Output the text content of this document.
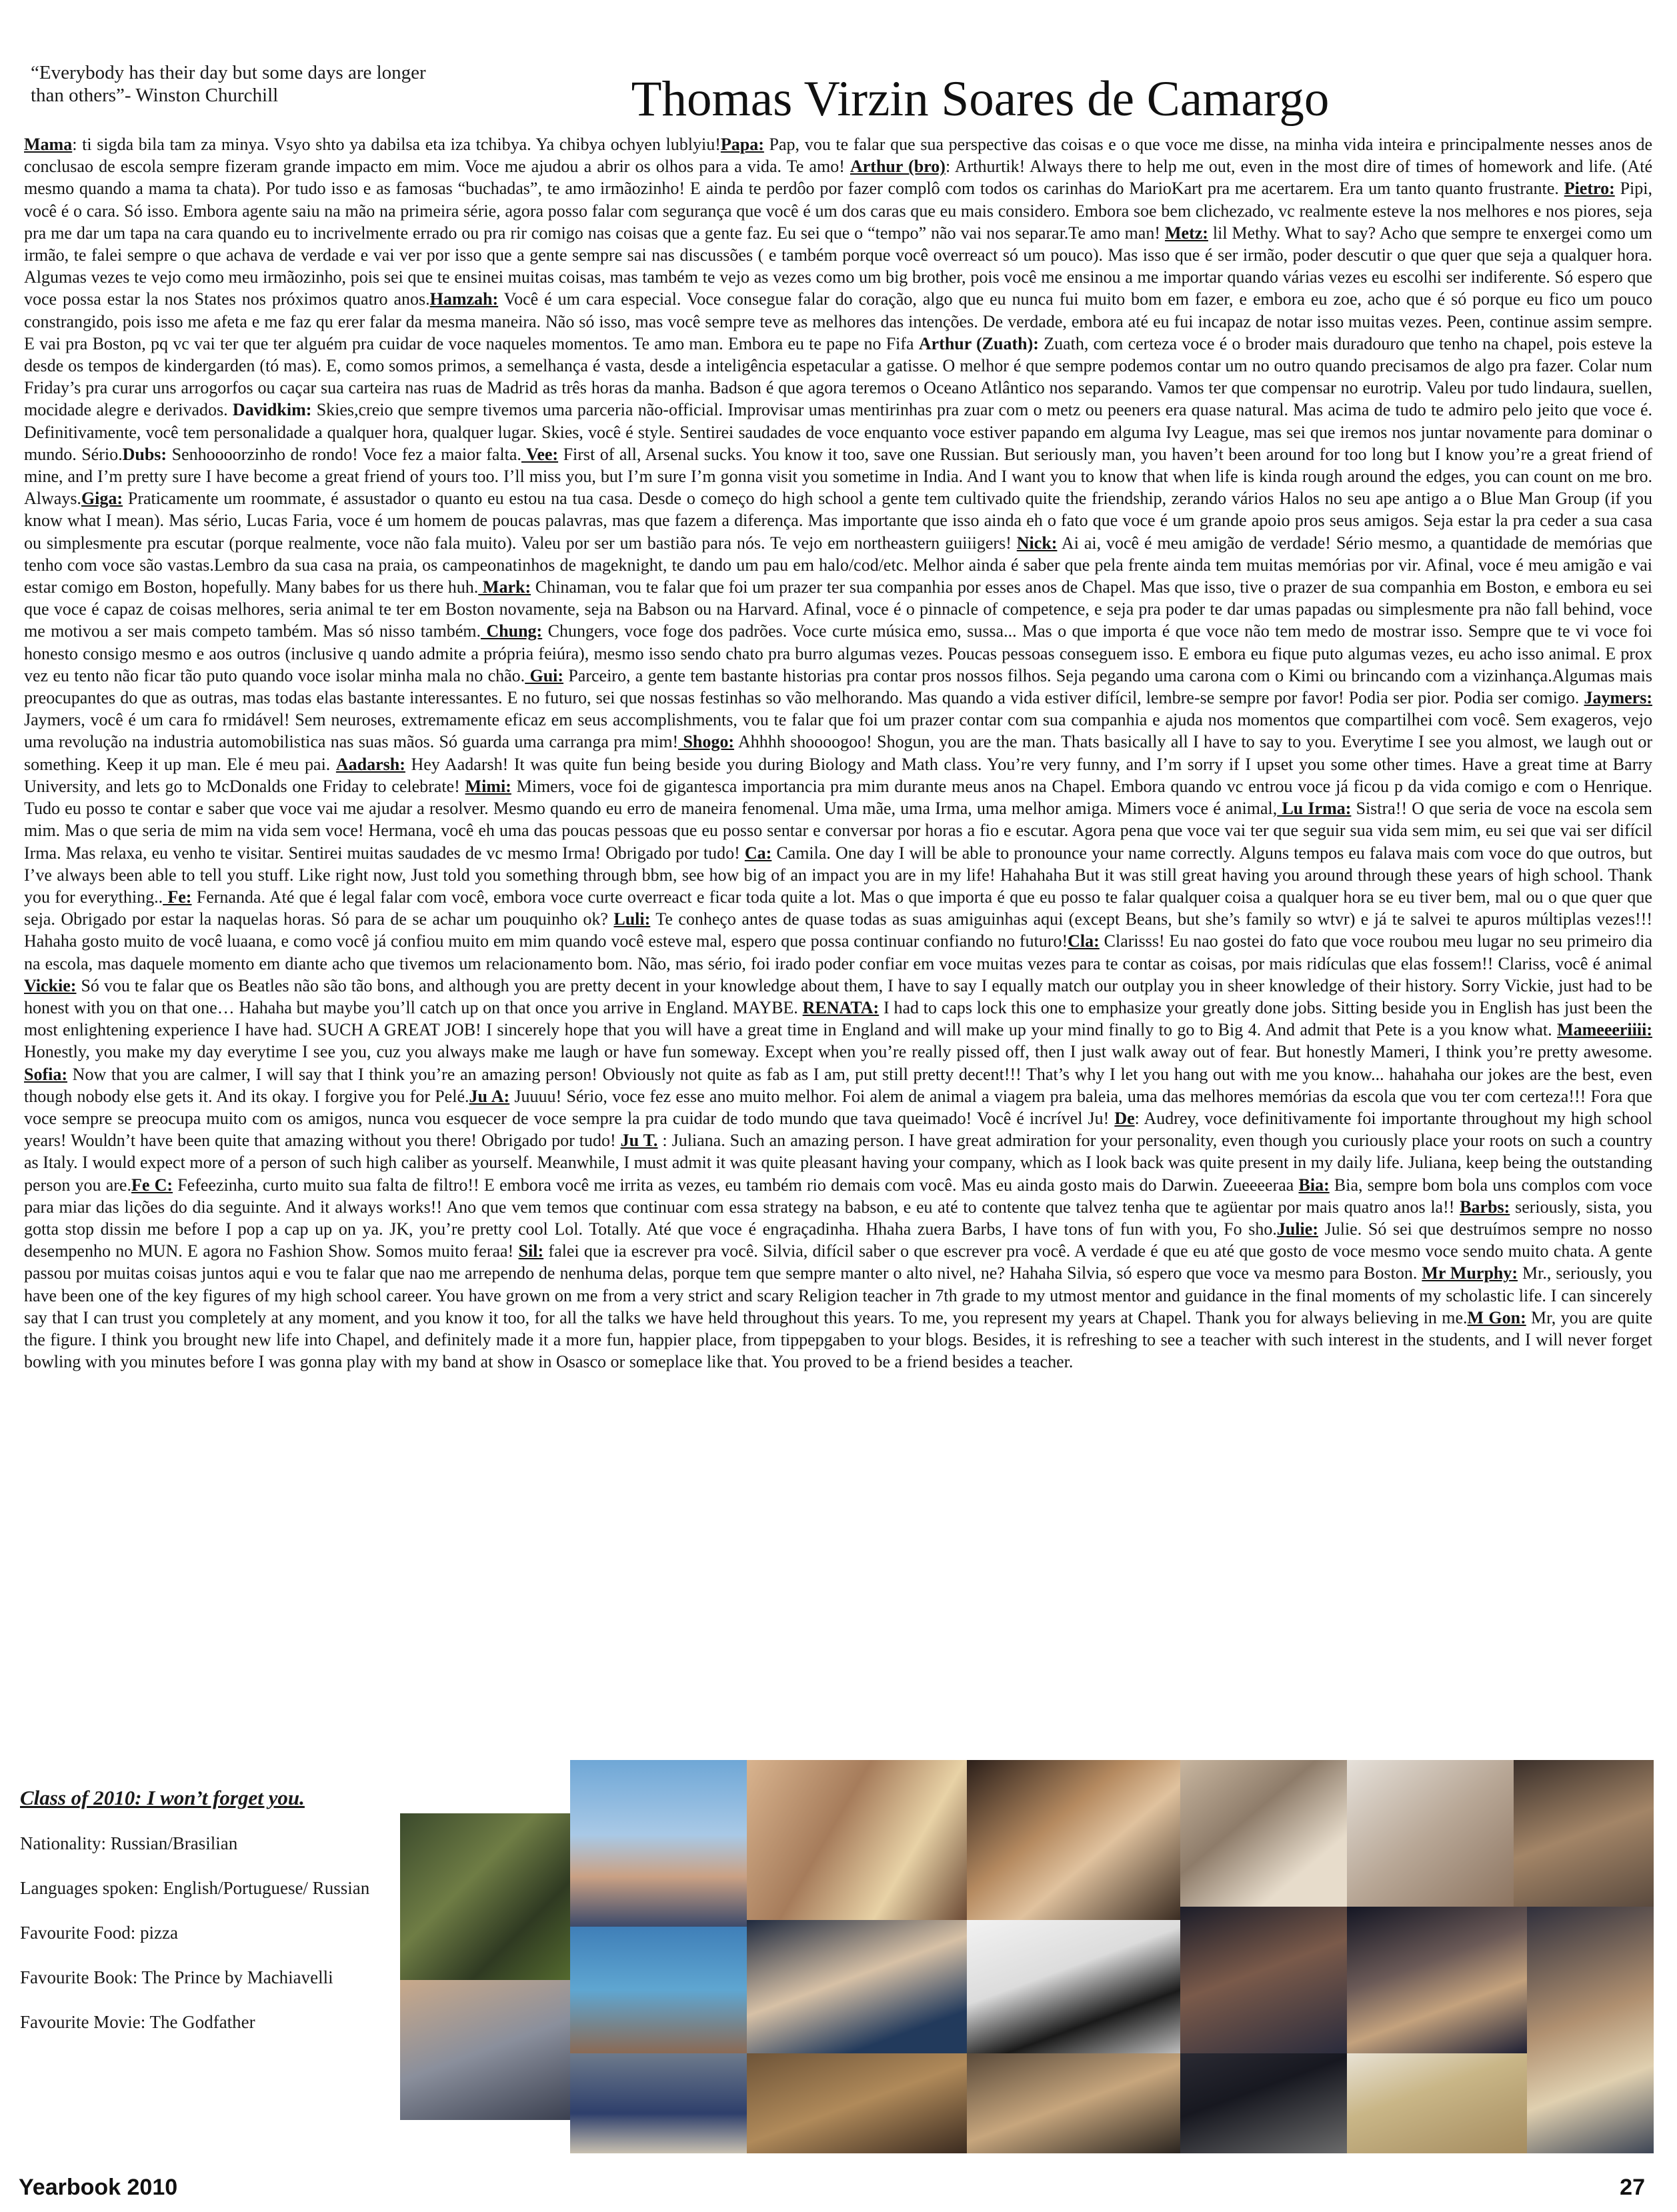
“Everybody has their day but some days are longer than others”- Winston Churchill	Thomas Virzin Soares de Camargo
Mama: ti sigda bila tam za minya. Vsyo shto ya dabilsa eta iza tchibya. Ya chibya ochyen lublyiu!Papa: Pap, vou te falar que sua perspective das coisas e o que voce me disse, na minha vida inteira e principalmente nesses anos de conclusao de escola sempre fizeram grande impacto em mim. Voce me ajudou a abrir os olhos para a vida. Te amo! Arthur (bro): Arthurtik! Always there to help me out, even in the most dire of times of homework and life. (Até mesmo quando a mama ta chata). Por tudo isso e as famosas “buchadas”, te amo irmãozinho! E ainda te perdôo por fazer complô com todos os carinhas do MarioKart pra me acertarem. Era um tanto quanto frustrante. Pietro: Pipi, você é o cara. Só isso. Embora agente saiu na mão na primeira série, agora posso falar com segurança que você é um dos caras que eu mais considero. Embora soe bem clichezado, vc realmente esteve la nos melhores e nos piores, seja pra me dar um tapa na cara quando eu to incrivelmente errado ou pra rir comigo nas coisas que a gente faz. Eu sei que o “tempo” não vai nos separar.Te amo man! Metz: lil Methy. What to say? Acho que sempre te enxergei como um irmão, te falei sempre o que achava de verdade e vai ver por isso que a gente sempre sai nas discussões ( e também porque você overreact só um pouco). Mas isso que é ser irmão, poder descutir o que quer que seja a qualquer hora. Algumas vezes te vejo como meu irmãozinho, pois sei que te ensinei muitas coisas, mas também te vejo as vezes como um big brother, pois você me ensinou a me importar quando várias vezes eu escolhi ser indiferente. Só espero que voce possa estar la nos States nos próximos quatro anos.Hamzah: Você é um cara especial. Voce consegue falar do coração, algo que eu nunca fui muito bom em fazer, e embora eu zoe, acho que é só porque eu fico um pouco constrangido, pois isso me afeta e me faz qu erer falar da mesma maneira. Não só isso, mas você sempre teve as melhores das intenções. De verdade, embora até eu fui incapaz de notar isso muitas vezes. Peen, continue assim sempre. E vai pra Boston, pq vc vai ter que ter alguém pra cuidar de voce naqueles momentos. Te amo man. Embora eu te pape no Fifa Arthur (Zuath): Zuath, com certeza voce é o broder mais duradouro que tenho na chapel, pois esteve la desde os tempos de kindergarden (tó mas). E, como somos primos, a semelhança é vasta, desde a inteligência espetacular a gatisse. O melhor é que sempre podemos contar um no outro quando precisamos de algo pra fazer. Colar num Friday’s pra curar uns arrogorfos ou caçar sua carteira nas ruas de Madrid as três horas da manha. Badson é que agora teremos o Oceano Atlântico nos separando. Vamos ter que compensar no eurotrip. Valeu por tudo lindaura, suellen, mocidade alegre e derivados. Davidkim: Skies,creio que sempre tivemos uma parceria não-official. Improvisar umas mentirinhas pra zuar com o metz ou peeners era quase natural. Mas acima de tudo te admiro pelo jeito que voce é. Definitivamente, você tem personalidade a qualquer hora, qualquer lugar. Skies, você é style. Sentirei saudades de voce enquanto voce estiver papando em alguma Ivy League, mas sei que iremos nos juntar novamente para dominar o mundo. Sério.Dubs: Senhoooorzinho de rondo! Voce fez a maior falta. Vee: First of all, Arsenal sucks. You know it too, save one Russian. But seriously man, you haven’t been around for too long but I know you’re a great friend of mine, and I’m pretty sure I have become a great friend of yours too. I’ll miss you, but I’m sure I’m gonna visit you sometime in India. And I want you to know that when life is kinda rough around the edges, you can count on me bro. Always.Giga: Praticamente um roommate, é assustador o quanto eu estou na tua casa. Desde o começo do high school a gente tem cultivado quite the friendship, zerando vários Halos no seu ape antigo a o Blue Man Group (if you know what I mean). Mas sério, Lucas Faria, voce é um homem de poucas palavras, mas que fazem a diferença. Mas importante que isso ainda eh o fato que voce é um grande apoio pros seus amigos. Seja estar la pra ceder a sua casa ou simplesmente pra escutar (porque realmente, voce não fala muito). Valeu por ser um bastião para nós. Te vejo em northeastern guiiigers! Nick: Ai ai, você é meu amigão de verdade! Sério mesmo, a quantidade de memórias que tenho com voce são vastas.Lembro da sua casa na praia, os campeonatinhos de mageknight, te dando um pau em halo/cod/etc. Melhor ainda é saber que pela frente ainda tem muitas memórias por vir. Afinal, voce é meu amigão e vai estar comigo em Boston, hopefully. Many babes for us there huh. Mark: Chinaman, vou te falar que foi um prazer ter sua companhia por esses anos de Chapel. Mas que isso, tive o prazer de sua companhia em Boston, e embora eu sei que voce é capaz de coisas melhores, seria animal te ter em Boston novamente, seja na Babson ou na Harvard. Afinal, voce é o pinnacle of competence, e seja pra poder te dar umas papadas ou simplesmente pra não fall behind, voce me motivou a ser mais competo também. Mas só nisso também. Chung: Chungers, voce foge dos padrões. Voce curte música emo, sussa... Mas o que importa é que voce não tem medo de mostrar isso. Sempre que te vi voce foi honesto consigo mesmo e aos outros (inclusive q uando admite a própria feiúra), mesmo isso sendo chato pra burro algumas vezes. Poucas pessoas conseguem isso. E embora eu fique puto algumas vezes, eu acho isso animal. E prox vez eu tento não ficar tão puto quando voce isolar minha mala no chão. Gui: Parceiro, a gente tem bastante historias pra contar pros nossos filhos. Seja pegando uma carona com o Kimi ou brincando com a vizinhança.Algumas mais preocupantes do que as outras, mas todas elas bastante interessantes. E no futuro, sei que nossas festinhas so vão melhorando. Mas quando a vida estiver difícil, lembre-se sempre por favor! Podia ser pior. Podia ser comigo. Jaymers: Jaymers, você é um cara fo rmidável! Sem neuroses, extremamente eficaz em seus accomplishments, vou te falar que foi um prazer contar com sua companhia e ajuda nos momentos que compartilhei com você. Sem exageros, vejo uma revolução na industria automobilistica nas suas mãos. Só guarda uma carranga pra mim! Shogo: Ahhhh shoooogoo! Shogun, you are the man. Thats basically all I have to say to you. Everytime I see you almost, we laugh out or something. Keep it up man. Ele é meu pai. Aadarsh: Hey Aadarsh! It was quite fun being beside you during Biology and Math class. You’re very funny, and I’m sorry if I upset you some other times. Have a great time at Barry University, and lets go to McDonalds one Friday to celebrate! Mimi: Mimers, voce foi de gigantesca importancia pra mim durante meus anos na Chapel. Embora quando vc entrou voce já ficou p da vida comigo e com o Henrique. Tudo eu posso te contar e saber que voce vai me ajudar a resolver. Mesmo quando eu erro de maneira fenomenal. Uma mãe, uma Irma, uma melhor amiga. Mimers voce é animal, Lu Irma: Sistra!! O que seria de voce na escola sem mim. Mas o que seria de mim na vida sem voce! Hermana, você eh uma das poucas pessoas que eu posso sentar e conversar por horas a fio e escutar. Agora pena que voce vai ter que seguir sua vida sem mim, eu sei que vai ser difícil Irma. Mas relaxa, eu venho te visitar. Sentirei muitas saudades de vc mesmo Irma! Obrigado por tudo! Ca: Camila. One day I will be able to pronounce your name correctly. Alguns tempos eu falava mais com voce do que outros, but I’ve always been able to tell you stuff. Like right now, Just told you something through bbm, see how big of an impact you are in my life! Hahahaha But it was still great having you around through these years of high school. Thank you for everything.. Fe: Fernanda. Até que é legal falar com você, embora voce curte overreact e ficar toda quite a lot. Mas o que importa é que eu posso te falar qualquer coisa a qualquer hora se eu tiver bem, mal ou o que quer que seja. Obrigado por estar la naquelas horas. Só para de se achar um pouquinho ok? Luli: Te conheço antes de quase todas as suas amiguinhas aqui (except Beans, but she’s family so wtvr) e já te salvei te apuros múltiplas vezes!!! Hahaha gosto muito de você luaana, e como você já confiou muito em mim quando você esteve mal, espero que possa continuar confiando no futuro!Cla: Clarisss! Eu nao gostei do fato que voce roubou meu lugar no seu primeiro dia na escola, mas daquele momento em diante acho que tivemos um relacionamento bom. Não, mas sério, foi irado poder confiar em voce muitas vezes para te contar as coisas, por mais ridículas que elas fossem!! Clariss, você é animal Vickie: Só vou te falar que os Beatles não são tão bons, and although you are pretty decent in your knowledge about them, I have to say I equally match our outplay you in sheer knowledge of their history. Sorry Vickie, just had to be honest with you on that one… Hahaha but maybe you’ll catch up on that once you arrive in England. MAYBE. RENATA: I had to caps lock this one to emphasize your greatly done jobs. Sitting beside you in English has just been the most enlightening experience I have had. SUCH A GREAT JOB! I sincerely hope that you will have a great time in England and will make up your mind finally to go to Big 4. And admit that Pete is a you know what. Mameeeriiii: Honestly, you make my day everytime I see you, cuz you always make me laugh or have fun someway. Except when you’re really pissed off, then I just walk away out of fear. But honestly Mameri, I think you’re pretty awesome. Sofia: Now that you are calmer, I will say that I think you’re an amazing person! Obviously not quite as fab as I am, put still pretty decent!!! That’s why I let you hang out with me you know... hahahaha our jokes are the best, even though nobody else gets it. And its okay. I forgive you for Pelé.Ju A: Juuuu! Sério, voce fez esse ano muito melhor. Foi alem de animal a viagem pra baleia, uma das melhores memórias da escola que vou ter com certeza!!! Fora que voce sempre se preocupa muito com os amigos, nunca vou esquecer de voce sempre la pra cuidar de todo mundo que tava queimado! Você é incrível Ju! De: Audrey, voce definitivamente foi importante throughout my high school years! Wouldn’t have been quite that amazing without you there! Obrigado por tudo! Ju T. : Juliana. Such an amazing person. I have great admiration for your personality, even though you curiously place your roots on such a country as Italy. I would expect more of a person of such high caliber as yourself. Meanwhile, I must admit it was quite pleasant having your company, which as I look back was quite present in my daily life. Juliana, keep being the outstanding person you are.Fe C: Fefeezinha, curto muito sua falta de filtro!! E embora você me irrita as vezes, eu também rio demais com você. Mas eu ainda gosto mais do Darwin. Zueeeeraa Bia: Bia, sempre bom bola uns complos com voce para miar das lições do dia seguinte. And it always works!! Ano que vem temos que continuar com essa strategy na babson, e eu até to contente que talvez tenha que te agüentar por mais quatro anos la!! Barbs: seriously, sista, you gotta stop dissin me before I pop a cap up on ya. JK, you’re pretty cool Lol. Totally. Até que voce é engraçadinha. Hhaha zuera Barbs, I have tons of fun with you, Fo sho.Julie: Julie. Só sei que destruímos sempre no nosso desempenho no MUN. E agora no Fashion Show. Somos muito feraa! Sil: falei que ia escrever pra você. Silvia, difícil saber o que escrever pra você. A verdade é que eu até que gosto de voce mesmo voce sendo muito chata. A gente passou por muitas coisas juntos aqui e vou te falar que nao me arrependo de nenhuma delas, porque tem que sempre manter o alto nivel, ne? Hahaha Silvia, só espero que voce va mesmo para Boston. Mr Murphy: Mr., seriously, you have been one of the key figures of my high school career. You have grown on me from a very strict and scary Religion teacher in 7th grade to my utmost mentor and guidance in the final moments of my scholastic life. I can sincerely say that I can trust you completely at any moment, and you know it too, for all the talks we have held throughout this years. To me, you represent my years at Chapel. Thank you for always believing in me.M Gon: Mr, you are quite the figure. I think you brought new life into Chapel, and definitely made it a more fun, happier place, from tippepgaben to your blogs. Besides, it is refreshing to see a teacher with such interest in the students, and I will never forget bowling with you minutes before I was gonna play with my band at show in Osasco or someplace like that. You proved to be a friend besides a teacher.
Class of 2010: I won’t forget you.
Nationality: Russian/Brasilian
Languages spoken: English/Portuguese/ Russian
Favourite Food: pizza
Favourite Book: The Prince by Machiavelli
Favourite Movie: The Godfather
Yearbook 2010	27
